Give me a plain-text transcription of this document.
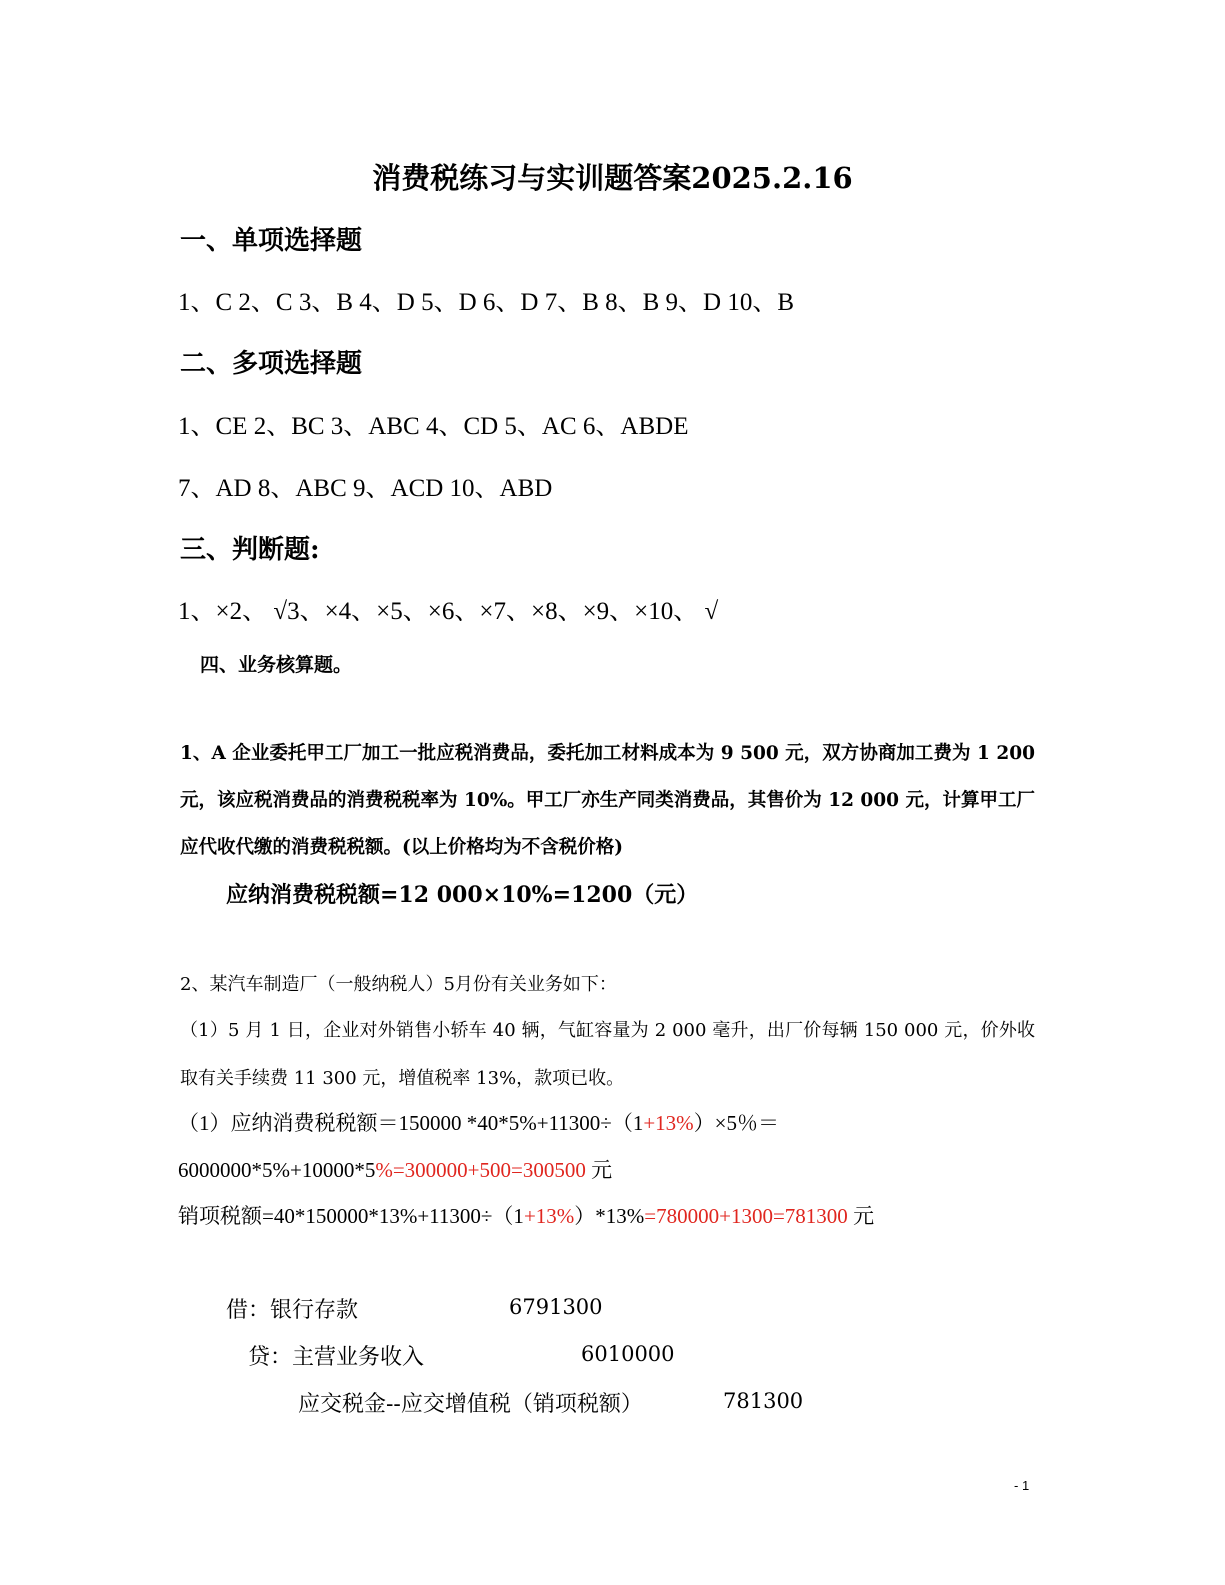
消费税练习与实训题答案2025.2.16
一、单项选择题
1、C 2、C 3、B 4、D 5、D 6、D 7、B 8、B 9、D 10、B
二、多项选择题
1、CE 2、BC 3、ABC 4、CD 5、AC 6、ABDE
7、AD 8、ABC 9、ACD 10、ABD
三、判断题:
1、×2、 √3、×4、×5、×6、×7、×8、×9、×10、 √
四、业务核算题。
1、A 企业委托甲工厂加工一批应税消费品，委托加工材料成本为 9 500 元，双方协商加工费为 1 200 元，该应税消费品的消费税税率为 10%。甲工厂亦生产同类消费品，其售价为 12 000 元，计算甲工厂应代收代缴的消费税税额。(以上价格均为不含税价格)
应纳消费税税额=12 000×10%=1200（元）
2、某汽车制造厂（一般纳税人）5月份有关业务如下：
（1）5 月 1 日，企业对外销售小轿车 40 辆，气缸容量为 2 000 毫升，出厂价每辆 150 000 元，价外收取有关手续费 11 300 元，增值税率 13%，款项已收。
（1）应纳消费税税额＝150000 *40*5%+11300÷（1+13%）×5％＝6000000*5%+10000*5%=300000+500=300500 元
销项税额=40*150000*13%+11300÷（1+13%）*13%=780000+1300=781300 元
借：银行存款	6791300
贷：主营业务收入	6010000
应交税金--应交增值税（销项税额）	781300
- 1
